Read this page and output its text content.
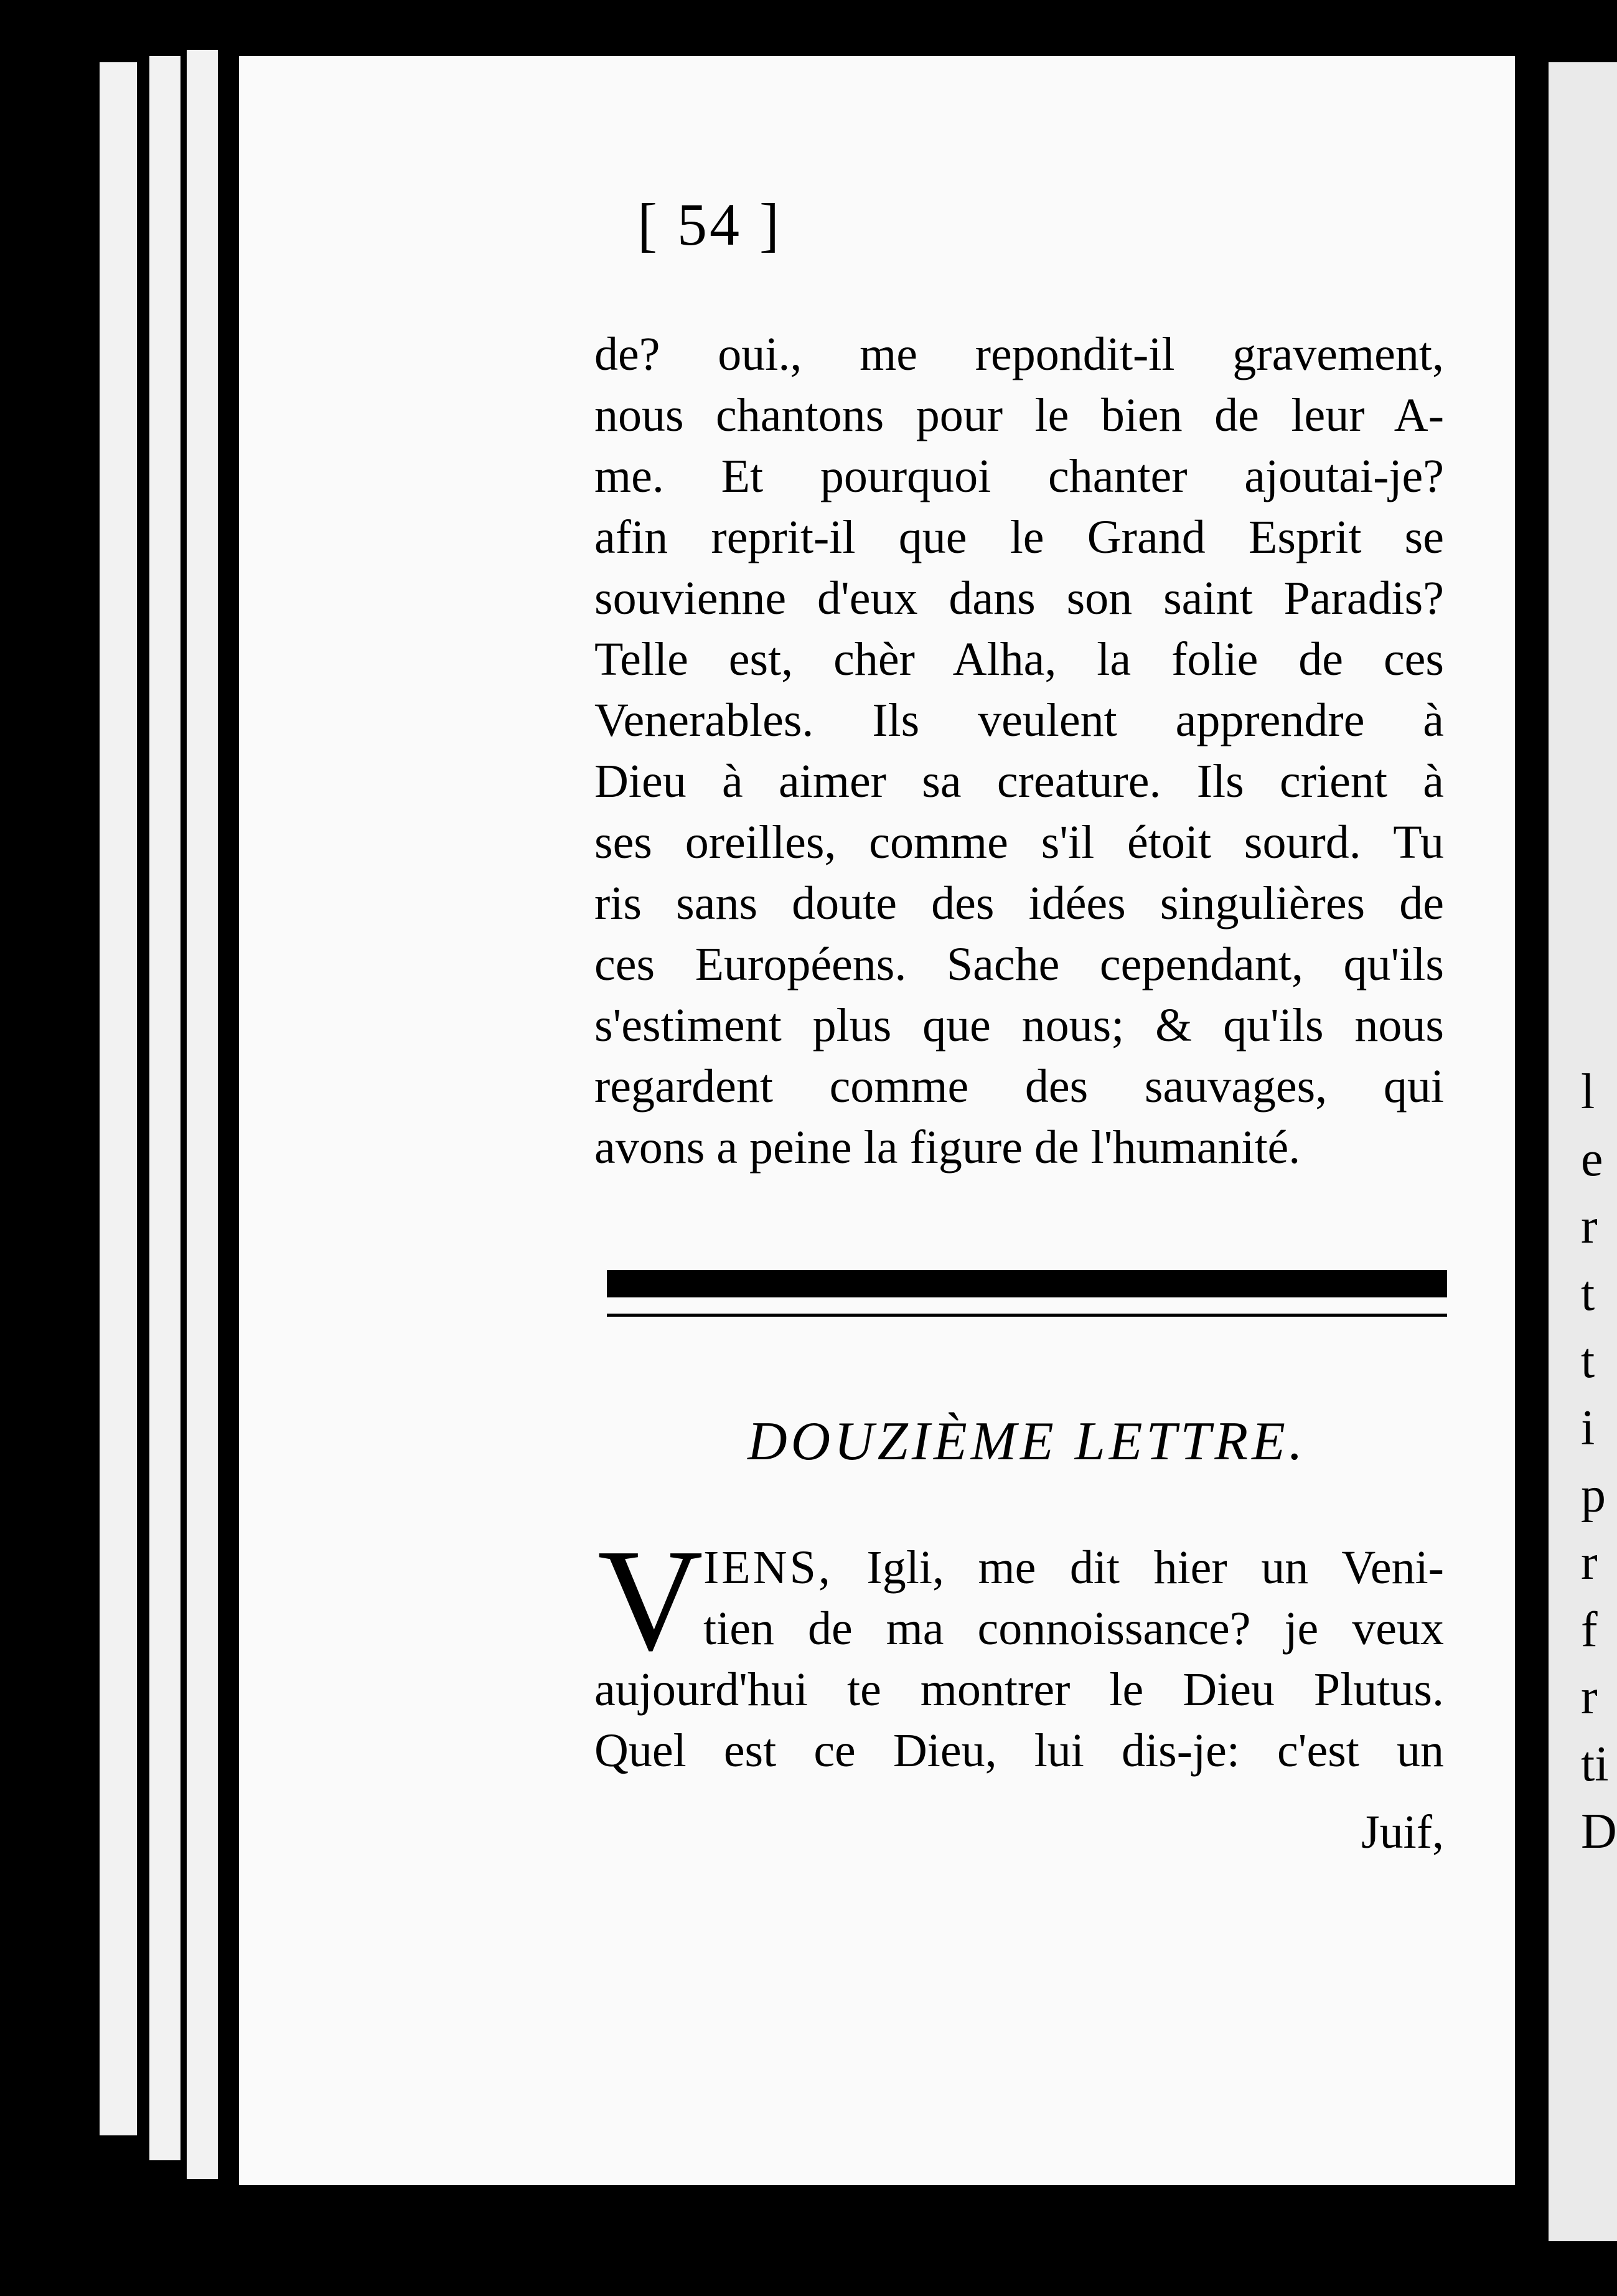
l
e
r
t
t
i
p
r
f
r
ti
D
[ 54 ]
de? oui., me repondit-il gravement,
nous chantons pour le bien de leur A-
me. Et pourquoi chanter ajoutai-je?
afin reprit-il que le Grand Esprit se
souvienne d'eux dans son saint Paradis?
Telle est, chèr Alha, la folie de ces
Venerables. Ils veulent apprendre à
Dieu à aimer sa creature. Ils crient à
ses oreilles, comme s'il étoit sourd. Tu
ris sans doute des idées singulières de
ces Européens. Sache cependant, qu'ils
s'estiment plus que nous; & qu'ils nous
regardent comme des sauvages, qui
avons a peine la figure de l'humanité.
DOUZIÈME LETTRE.
V IENS, Igli, me dit hier un Veni-
tien de ma connoissance? je veux
aujourd'hui te montrer le Dieu Plutus.
Quel est ce Dieu, lui dis-je: c'est un
Juif,
